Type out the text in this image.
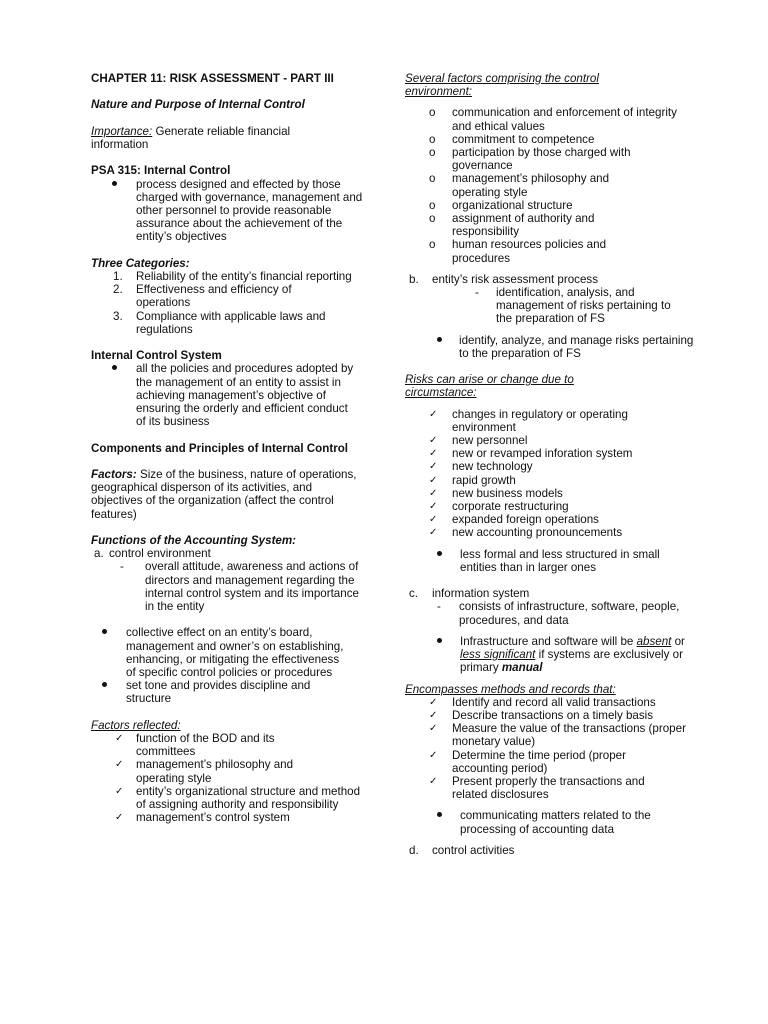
CHAPTER 11: RISK ASSESSMENT - PART III
Nature and Purpose of Internal Control
Importance: Generate reliable financial information
PSA 315: Internal Control
process designed and effected by those charged with governance, management and other personnel to provide reasonable assurance about the achievement of the entity’s objectives
Three Categories:
1. Reliability of the entity’s financial reporting
2. Effectiveness and efficiency of operations
3. Compliance with applicable laws and regulations
Internal Control System
all the policies and procedures adopted by the management of an entity to assist in achieving management’s objective of ensuring the orderly and efficient conduct of its business
Components and Principles of Internal Control
Factors: Size of the business, nature of operations, geographical disperson of its activities, and objectives of the organization (affect the control features)
Functions of the Accounting System:
a. control environment
- overall attitude, awareness and actions of directors and management regarding the internal control system and its importance in the entity
collective effect on an entity’s board, management and owner’s on establishing, enhancing, or mitigating the effectiveness of specific control policies or procedures
set tone and provides discipline and structure
Factors reflected:
✓ function of the BOD and its committees
✓ management’s philosophy and operating style
✓ entity’s organizational structure and method of assigning authority and responsibility
✓ management’s control system
Several factors comprising the control environment:
o communication and enforcement of integrity and ethical values
o commitment to competence
o participation by those charged with governance
o management’s philosophy and operating style
o organizational structure
o assignment of authority and responsibility
o human resources policies and procedures
b. entity’s risk assessment process
- identification, analysis, and management of risks pertaining to the preparation of FS
identify, analyze, and manage risks pertaining to the preparation of FS
Risks can arise or change due to circumstance:
✓ changes in regulatory or operating environment
✓ new personnel
✓ new or revamped inforation system
✓ new technology
✓ rapid growth
✓ new business models
✓ corporate restructuring
✓ expanded foreign operations
✓ new accounting pronouncements
less formal and less structured in small entities than in larger ones
c. information system
- consists of infrastructure, software, people, procedures, and data
Infrastructure and software will be absent or less significant if systems are exclusively or primary manual
Encompasses methods and records that:
✓ Identify and record all valid transactions
✓ Describe transactions on a timely basis
✓ Measure the value of the transactions (proper monetary value)
✓ Determine the time period (proper accounting period)
✓ Present properly the transactions and related disclosures
communicating matters related to the processing of accounting data
d. control activities
